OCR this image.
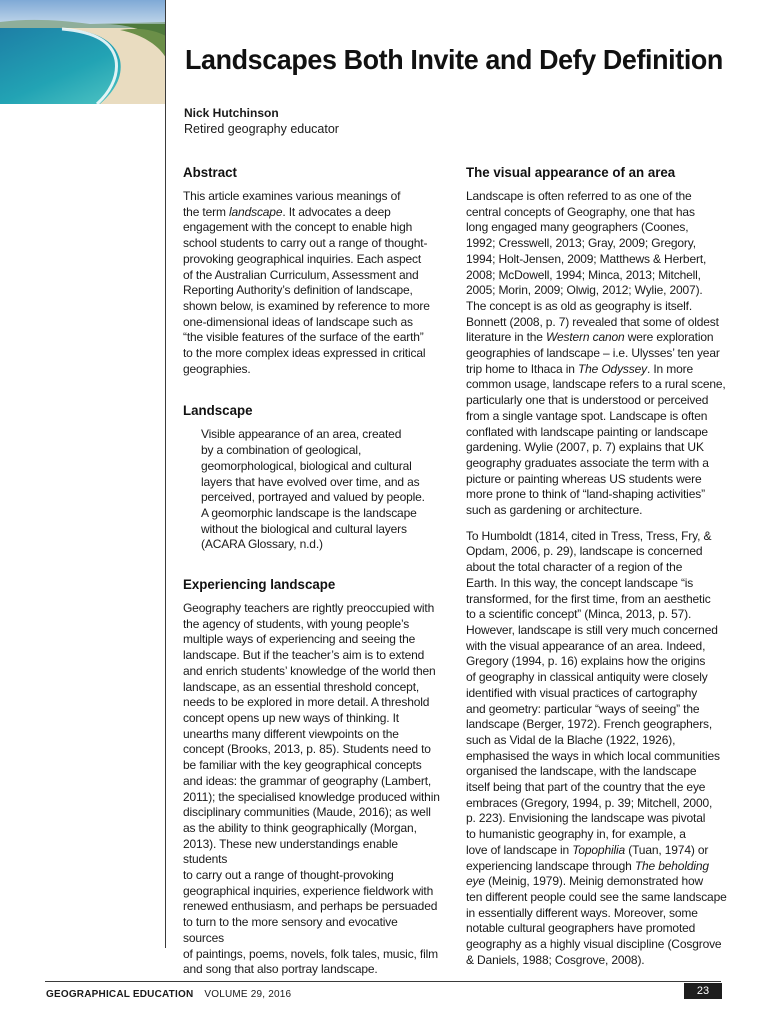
Landscapes Both Invite and Defy Definition
Nick Hutchinson
Retired geography educator
Abstract

This article examines various meanings of
the term landscape. It advocates a deep
engagement with the concept to enable high
school students to carry out a range of thought-
provoking geographical inquiries. Each aspect
of the Australian Curriculum, Assessment and
Reporting Authority’s definition of landscape,
shown below, is examined by reference to more
one-dimensional ideas of landscape such as
“the visible features of the surface of the earth”
to the more complex ideas expressed in critical
geographies.

Landscape

Visible appearance of an area, created
by a combination of geological,
geomorphological, biological and cultural
layers that have evolved over time, and as
perceived, portrayed and valued by people.
A geomorphic landscape is the landscape
without the biological and cultural layers
(ACARA Glossary, n.d.)

Experiencing landscape

Geography teachers are rightly preoccupied with
the agency of students, with young people’s
multiple ways of experiencing and seeing the
landscape. But if the teacher’s aim is to extend
and enrich students’ knowledge of the world then
landscape, as an essential threshold concept,
needs to be explored in more detail. A threshold
concept opens up new ways of thinking. It
unearths many different viewpoints on the
concept (Brooks, 2013, p. 85). Students need to
be familiar with the key geographical concepts
and ideas: the grammar of geography (Lambert,
2011); the specialised knowledge produced within
disciplinary communities (Maude, 2016); as well
as the ability to think geographically (Morgan,
2013). These new understandings enable students
to carry out a range of thought-provoking
geographical inquiries, experience fieldwork with
renewed enthusiasm, and perhaps be persuaded
to turn to the more sensory and evocative sources
of paintings, poems, novels, folk tales, music, film
and song that also portray landscape.

The visual appearance of an area

Landscape is often referred to as one of the
central concepts of Geography, one that has
long engaged many geographers (Coones,
1992; Cresswell, 2013; Gray, 2009; Gregory,
1994; Holt-Jensen, 2009; Matthews & Herbert,
2008; McDowell, 1994; Minca, 2013; Mitchell,
2005; Morin, 2009; Olwig, 2012; Wylie, 2007).
The concept is as old as geography is itself.
Bonnett (2008, p. 7) revealed that some of oldest
literature in the Western canon were exploration
geographies of landscape – i.e. Ulysses’ ten year
trip home to Ithaca in The Odyssey. In more
common usage, landscape refers to a rural scene,
particularly one that is understood or perceived
from a single vantage spot. Landscape is often
conflated with landscape painting or landscape
gardening. Wylie (2007, p. 7) explains that UK
geography graduates associate the term with a
picture or painting whereas US students were
more prone to think of “land-shaping activities”
such as gardening or architecture.

To Humboldt (1814, cited in Tress, Tress, Fry, &
Opdam, 2006, p. 29), landscape is concerned
about the total character of a region of the
Earth. In this way, the concept landscape “is
transformed, for the first time, from an aesthetic
to a scientific concept” (Minca, 2013, p. 57).
However, landscape is still very much concerned
with the visual appearance of an area. Indeed,
Gregory (1994, p. 16) explains how the origins
of geography in classical antiquity were closely
identified with visual practices of cartography
and geometry: particular “ways of seeing” the
landscape (Berger, 1972). French geographers,
such as Vidal de la Blache (1922, 1926),
emphasised the ways in which local communities
organised the landscape, with the landscape
itself being that part of the country that the eye
embraces (Gregory, 1994, p. 39; Mitchell, 2000,
p. 223). Envisioning the landscape was pivotal
to humanistic geography in, for example, a
love of landscape in Topophilia (Tuan, 1974) or
experiencing landscape through The beholding
eye (Meinig, 1979). Meinig demonstrated how
ten different people could see the same landscape
in essentially different ways. Moreover, some
notable cultural geographers have promoted
geography as a highly visual discipline (Cosgrove
& Daniels, 1988; Cosgrove, 2008).

GEOGRAPHICAL EDUCATION VOLUME 29, 2016	23
